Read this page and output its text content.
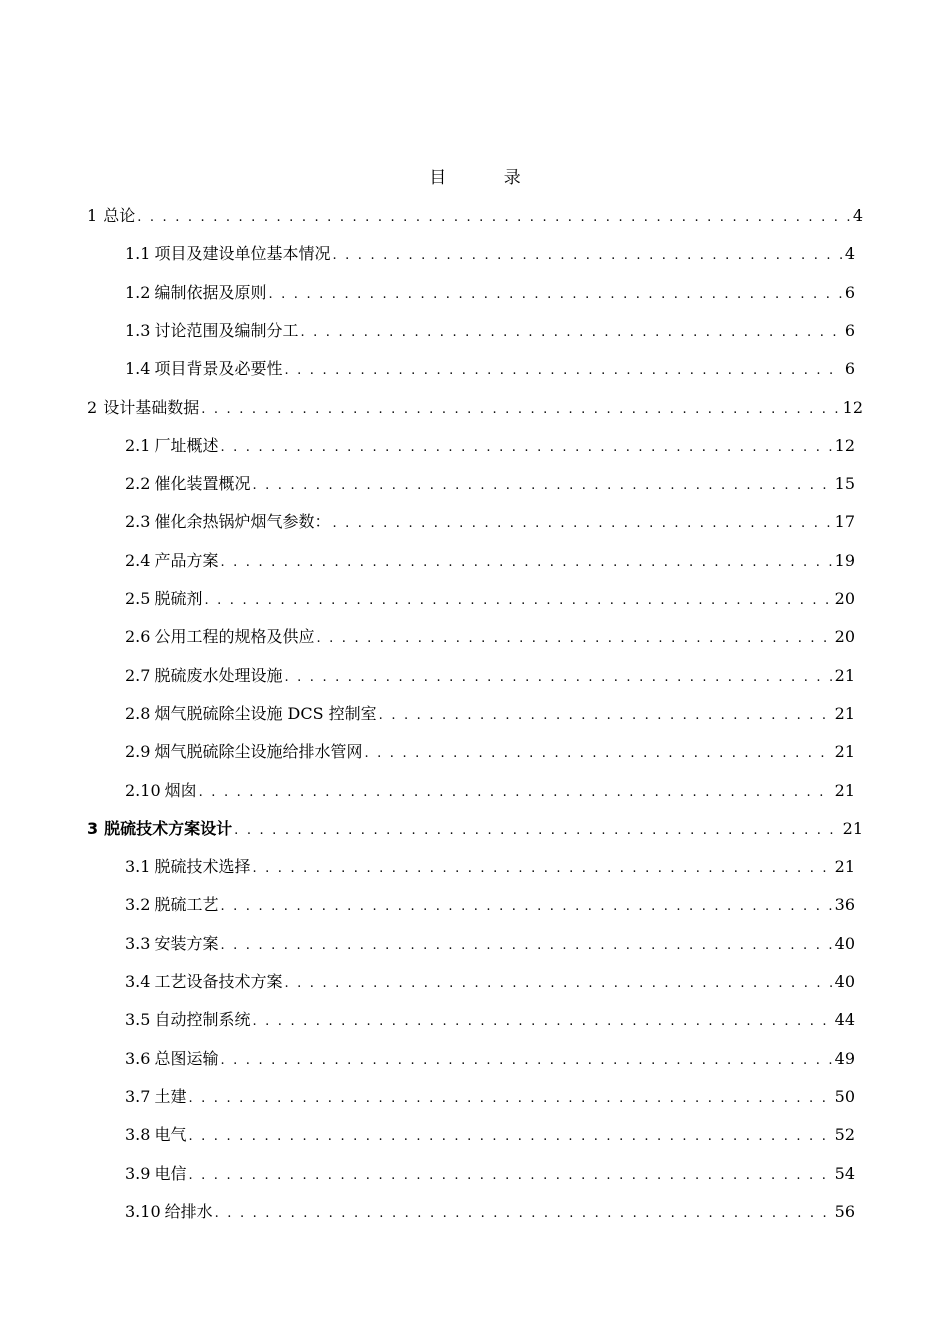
目 录
1 总论 . . .	4
1.1 项目及建设单位基本情况 . . .	4
1.2 编制依据及原则 . . .	6
1.3 讨论范围及编制分工 . . .	6
1.4 项目背景及必要性 . . .	6
2 设计基础数据 . . .	12
2.1 厂址概述 . . .	12
2.2 催化装置概况 . . .	15
2.3 催化余热锅炉烟气参数： . . .	17
2.4 产品方案 . . .	19
2.5 脱硫剂 . . .	20
2.6 公用工程的规格及供应 . . .	20
2.7 脱硫废水处理设施 . . .	21
2.8 烟气脱硫除尘设施 DCS 控制室 . . .	21
2.9 烟气脱硫除尘设施给排水管网 . . .	21
2.10 烟囱 . . .	21
3 脱硫技术方案设计 . . .	21
3.1 脱硫技术选择 . . .	21
3.2 脱硫工艺 . . .	36
3.3 安装方案 . . .	40
3.4 工艺设备技术方案 . . .	40
3.5 自动控制系统 . . .	44
3.6 总图运输 . . .	49
3.7 土建 . . .	50
3.8 电气 . . .	52
3.9 电信 . . .	54
3.10 给排水 . . .	56
